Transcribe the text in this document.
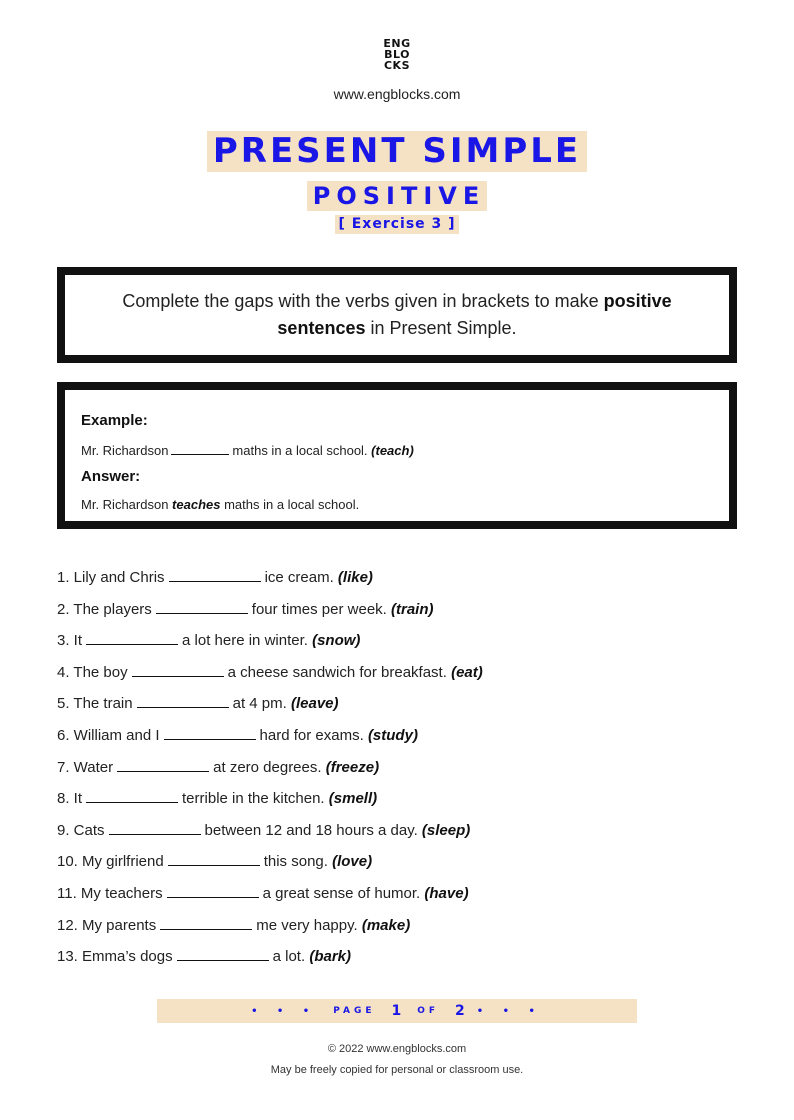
ENG
BLO
CKS
www.engblocks.com
PRESENT SIMPLE
POSITIVE
[ Exercise 3 ]
Complete the gaps with the verbs given in brackets to make positive sentences in Present Simple.
Example:
Mr. Richardson	maths in a local school. (teach)
Answer:
Mr. Richardson teaches maths in a local school.
1. Lily and Chris	ice cream. (like)
2. The players	four times per week. (train)
3. It	a lot here in winter. (snow)
4. The boy	a cheese sandwich for breakfast. (eat)
5. The train	at 4 pm. (leave)
6. William and I	hard for exams. (study)
7. Water	at zero degrees. (freeze)
8. It	terrible in the kitchen. (smell)
9. Cats	between 12 and 18 hours a day. (sleep)
10. My girlfriend	this song. (love)
11. My teachers	a great sense of humor. (have)
12. My parents	me very happy. (make)
13. Emma’s dogs	a lot. (bark)
• • • PAGE 1 OF 2 • • •
© 2022 www.engblocks.com
May be freely copied for personal or classroom use.
